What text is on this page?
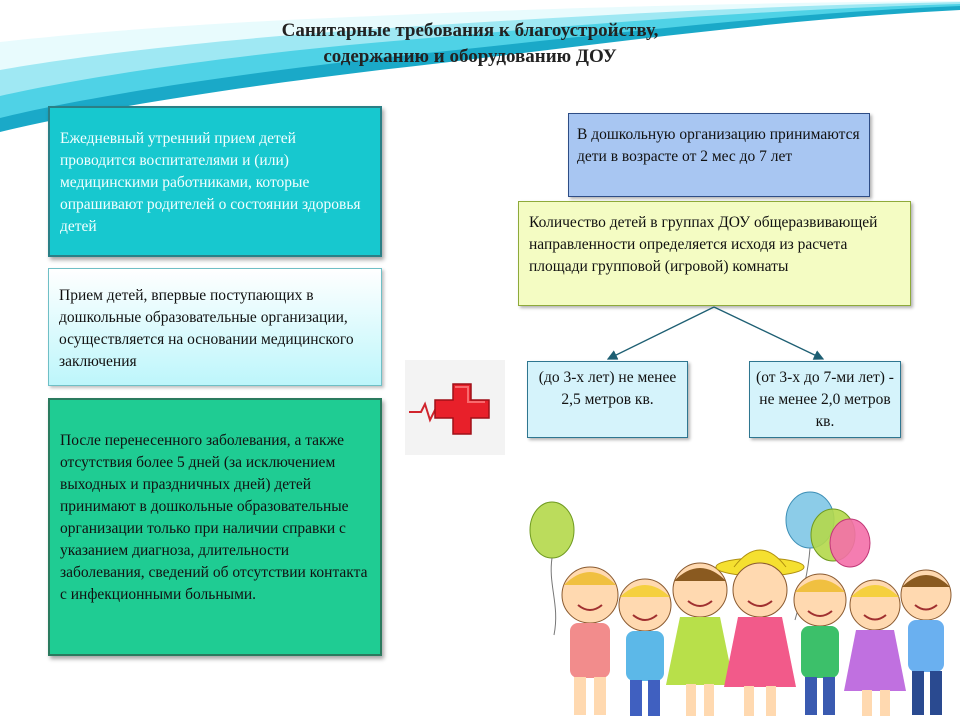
Санитарные требования к благоустройству,
содержанию и оборудованию ДОУ
Ежедневный утренний прием детей проводится воспитателями и (или) медицинскими работниками, которые опрашивают родителей о состоянии здоровья детей
Прием детей, впервые поступающих в дошкольные образовательные организации, осуществляется на основании медицинского заключения
После перенесенного заболевания, а также отсутствия более 5 дней (за исключением выходных и праздничных дней) детей принимают в дошкольные образовательные организации только при наличии справки с указанием диагноза, длительности заболевания, сведений об отсутствии контакта с инфекционными больными.
В дошкольную организацию принимаются дети в возрасте от 2 мес до 7 лет
Количество детей в группах ДОУ общеразвивающей направленности определяется исходя из расчета площади групповой (игровой) комнаты
(до 3-х лет) не менее 2,5 метров кв.
(от 3-х до 7-ми лет) - не менее 2,0 метров кв.
